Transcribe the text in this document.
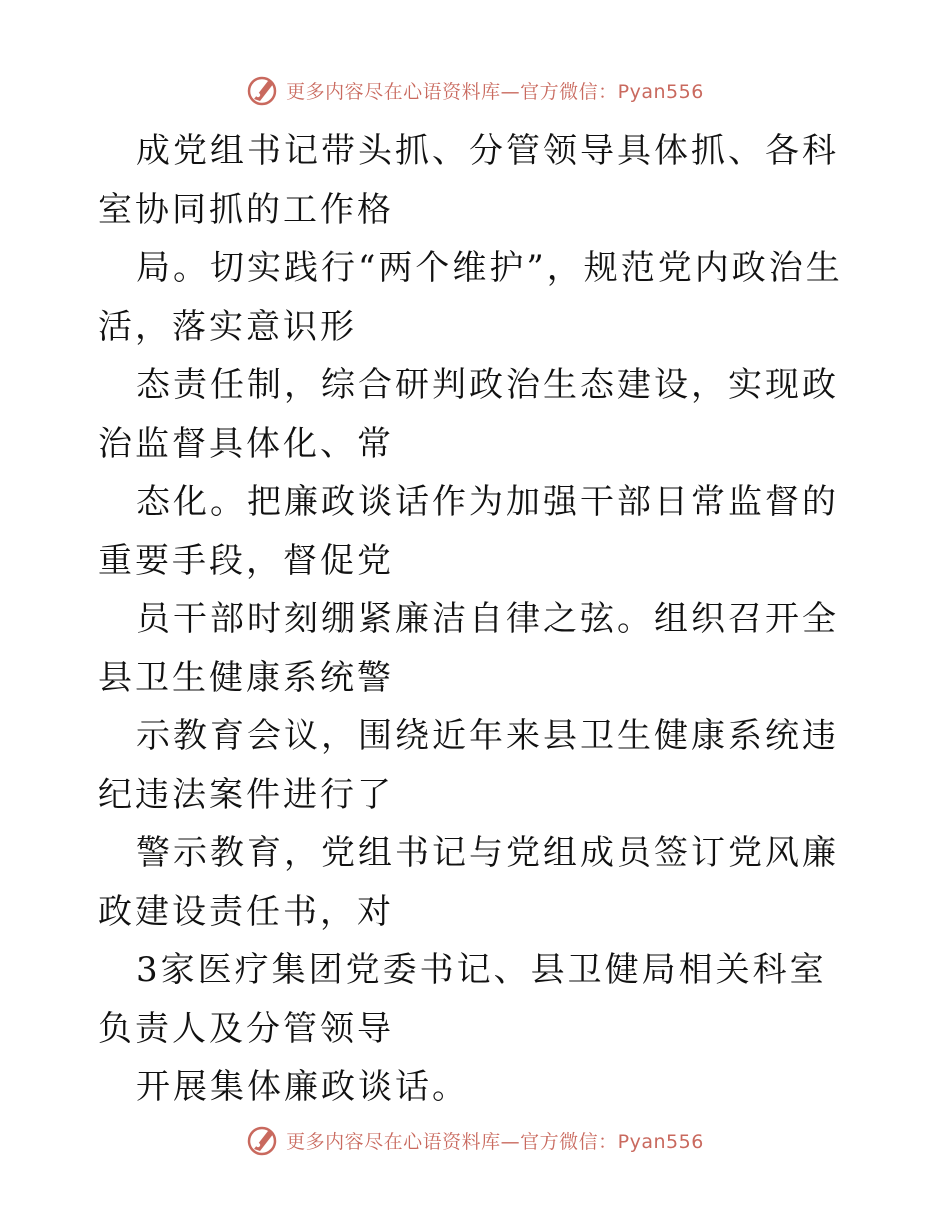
更多内容尽在心语资料库—官方微信：Pyan556

成党组书记带头抓、分管领导具体抓、各科室协同抓的工作格

局。切实践行“两个维护”，规范党内政治生活，落实意识形

态责任制，综合研判政治生态建设，实现政治监督具体化、常

态化。把廉政谈话作为加强干部日常监督的重要手段，督促党

员干部时刻绷紧廉洁自律之弦。组织召开全县卫生健康系统警

示教育会议，围绕近年来县卫生健康系统违纪违法案件进行了

警示教育，党组书记与党组成员签订党风廉政建设责任书，对

3家医疗集团党委书记、县卫健局相关科室负责人及分管领导

开展集体廉政谈话。

更多内容尽在心语资料库—官方微信：Pyan556
